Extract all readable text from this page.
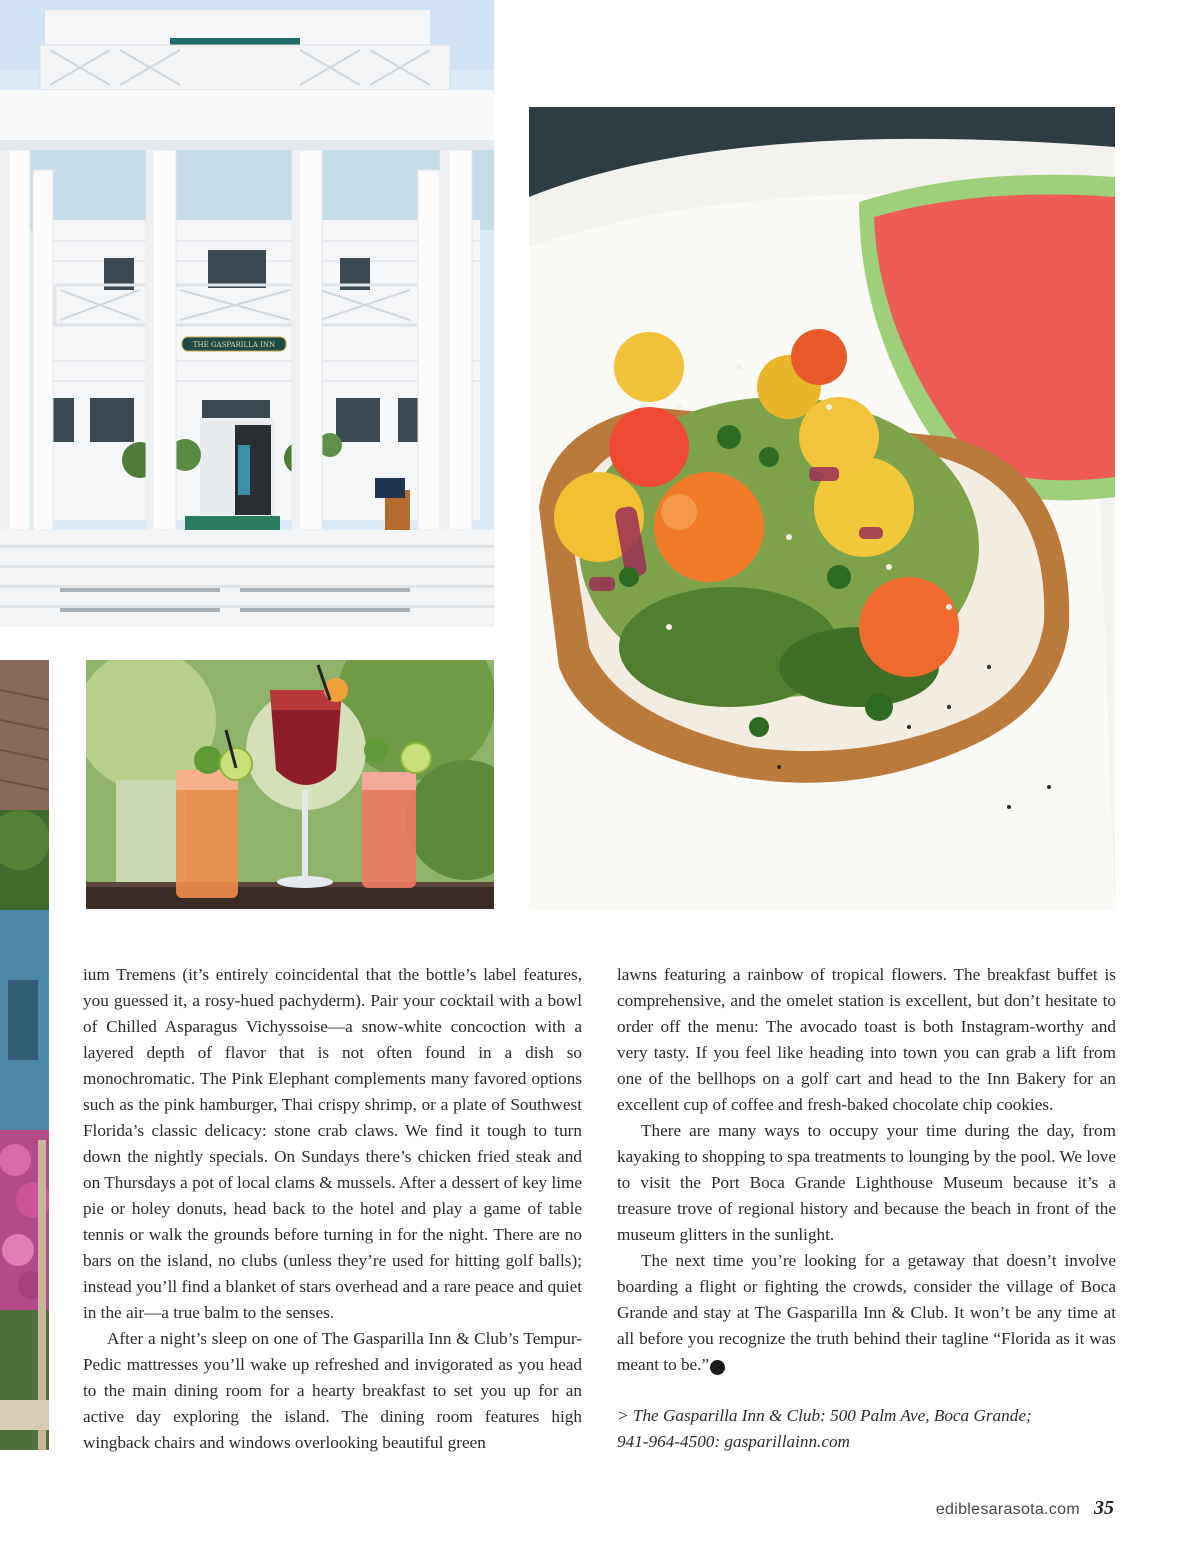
THE GASPARILLA INN

ium Tremens (it’s entirely coincidental that the bottle’s label features, you guessed it, a rosy-hued pachyderm). Pair your cocktail with a bowl of Chilled Asparagus Vichyssoise—a snow-white concoction with a layered depth of flavor that is not often found in a dish so monochromatic. The Pink Elephant complements many favored options such as the pink hamburger, Thai crispy shrimp, or a plate of Southwest Florida’s classic delicacy: stone crab claws. We find it tough to turn down the nightly specials. On Sundays there’s chicken fried steak and on Thursdays a pot of local clams & mussels. After a dessert of key lime pie or holey donuts, head back to the hotel and play a game of table tennis or walk the grounds before turning in for the night. There are no bars on the island, no clubs (unless they’re used for hitting golf balls); instead you’ll find a blanket of stars overhead and a rare peace and quiet in the air—a true balm to the senses.

After a night’s sleep on one of The Gasparilla Inn & Club’s Tempur-Pedic mattresses you’ll wake up refreshed and invigorated as you head to the main dining room for a hearty breakfast to set you up for an active day exploring the island. The dining room features high wingback chairs and windows overlooking beautiful green

lawns featuring a rainbow of tropical flowers. The breakfast buffet is comprehensive, and the omelet station is excellent, but don’t hesitate to order off the menu: The avocado toast is both Instagram-worthy and very tasty. If you feel like heading into town you can grab a lift from one of the bellhops on a golf cart and head to the Inn Bakery for an excellent cup of coffee and fresh-baked chocolate chip cookies.

There are many ways to occupy your time during the day, from kayaking to shopping to spa treatments to lounging by the pool. We love to visit the Port Boca Grande Lighthouse Museum because it’s a treasure trove of regional history and because the beach in front of the museum glitters in the sunlight.

The next time you’re looking for a getaway that doesn’t involve boarding a flight or fighting the crowds, consider the village of Boca Grande and stay at The Gasparilla Inn & Club. It won’t be any time at all before you recognize the truth behind their tagline “Florida as it was meant to be.” e

> The Gasparilla Inn & Club: 500 Palm Ave, Boca Grande;
941-964-4500: gasparillainn.com
ediblesarasota.com 35
